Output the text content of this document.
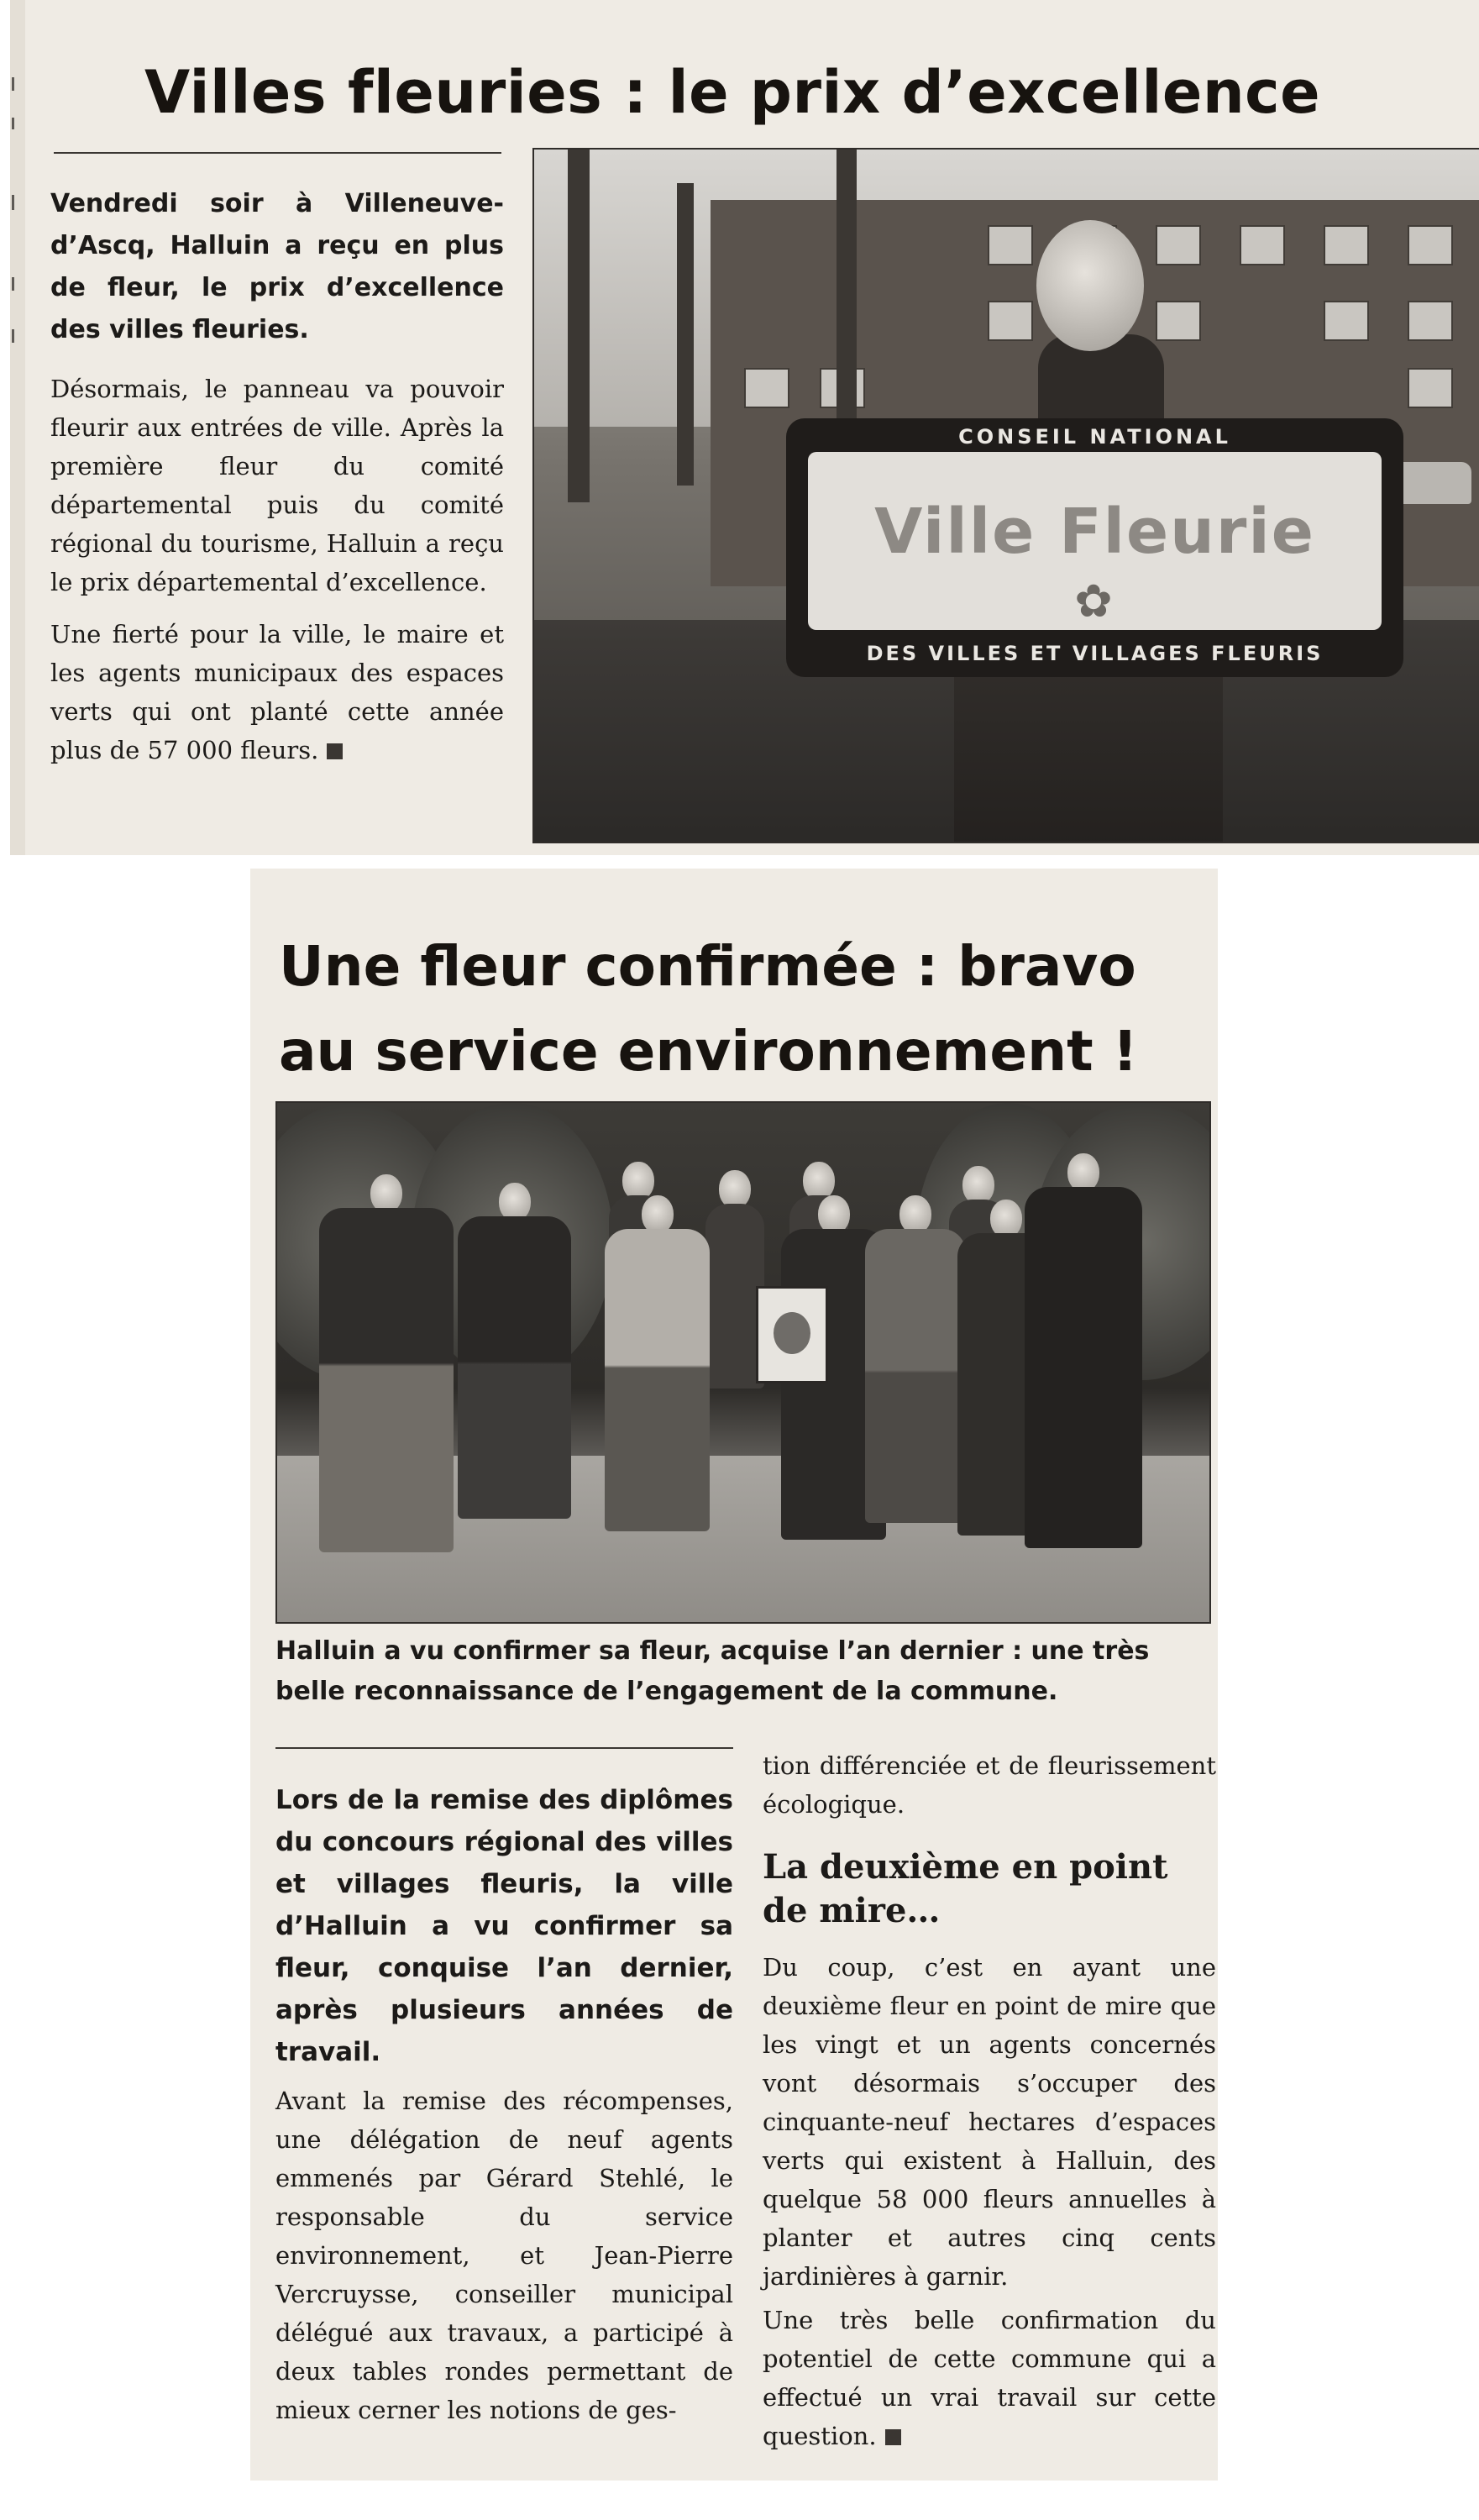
Villes fleuries : le prix d’excellence
Vendredi soir à Villeneuve-d’Ascq, Halluin a reçu en plus de fleur, le prix d’excellence des villes fleuries.

Désormais, le panneau va pouvoir fleurir aux entrées de ville. Après la première fleur du comité départemental puis du comité régional du tourisme, Halluin a reçu le prix départemental d’excellence.

Une fierté pour la ville, le maire et les agents municipaux des espaces verts qui ont planté cette année plus de 57 000 fleurs.

CONSEIL NATIONAL
Ville Fleurie
✿
DES VILLES ET VILLAGES FLEURIS
Une fleur confirmée : bravo au service environnement !
Halluin a vu confirmer sa fleur, acquise l’an dernier : une très belle reconnaissance de l’engagement de la commune.
Lors de la remise des diplômes du concours régional des villes et villages fleuris, la ville d’Halluin a vu confirmer sa fleur, conquise l’an dernier, après plusieurs années de travail.
Avant la remise des récompenses, une délégation de neuf agents emmenés par Gérard Stehlé, le responsable du service environnement, et Jean-Pierre Vercruysse, conseiller municipal délégué aux travaux, a participé à deux tables rondes permettant de mieux cerner les notions de ges-

tion différenciée et de fleurissement écologique.

La deuxième en point de mire…

Du coup, c’est en ayant une deuxième fleur en point de mire que les vingt et un agents concernés vont désormais s’occuper des cinquante-neuf hectares d’espaces verts qui existent à Halluin, des quelque 58 000 fleurs annuelles à planter et autres cinq cents jardinières à garnir.

Une très belle confirmation du potentiel de cette commune qui a effectué un vrai travail sur cette question.
